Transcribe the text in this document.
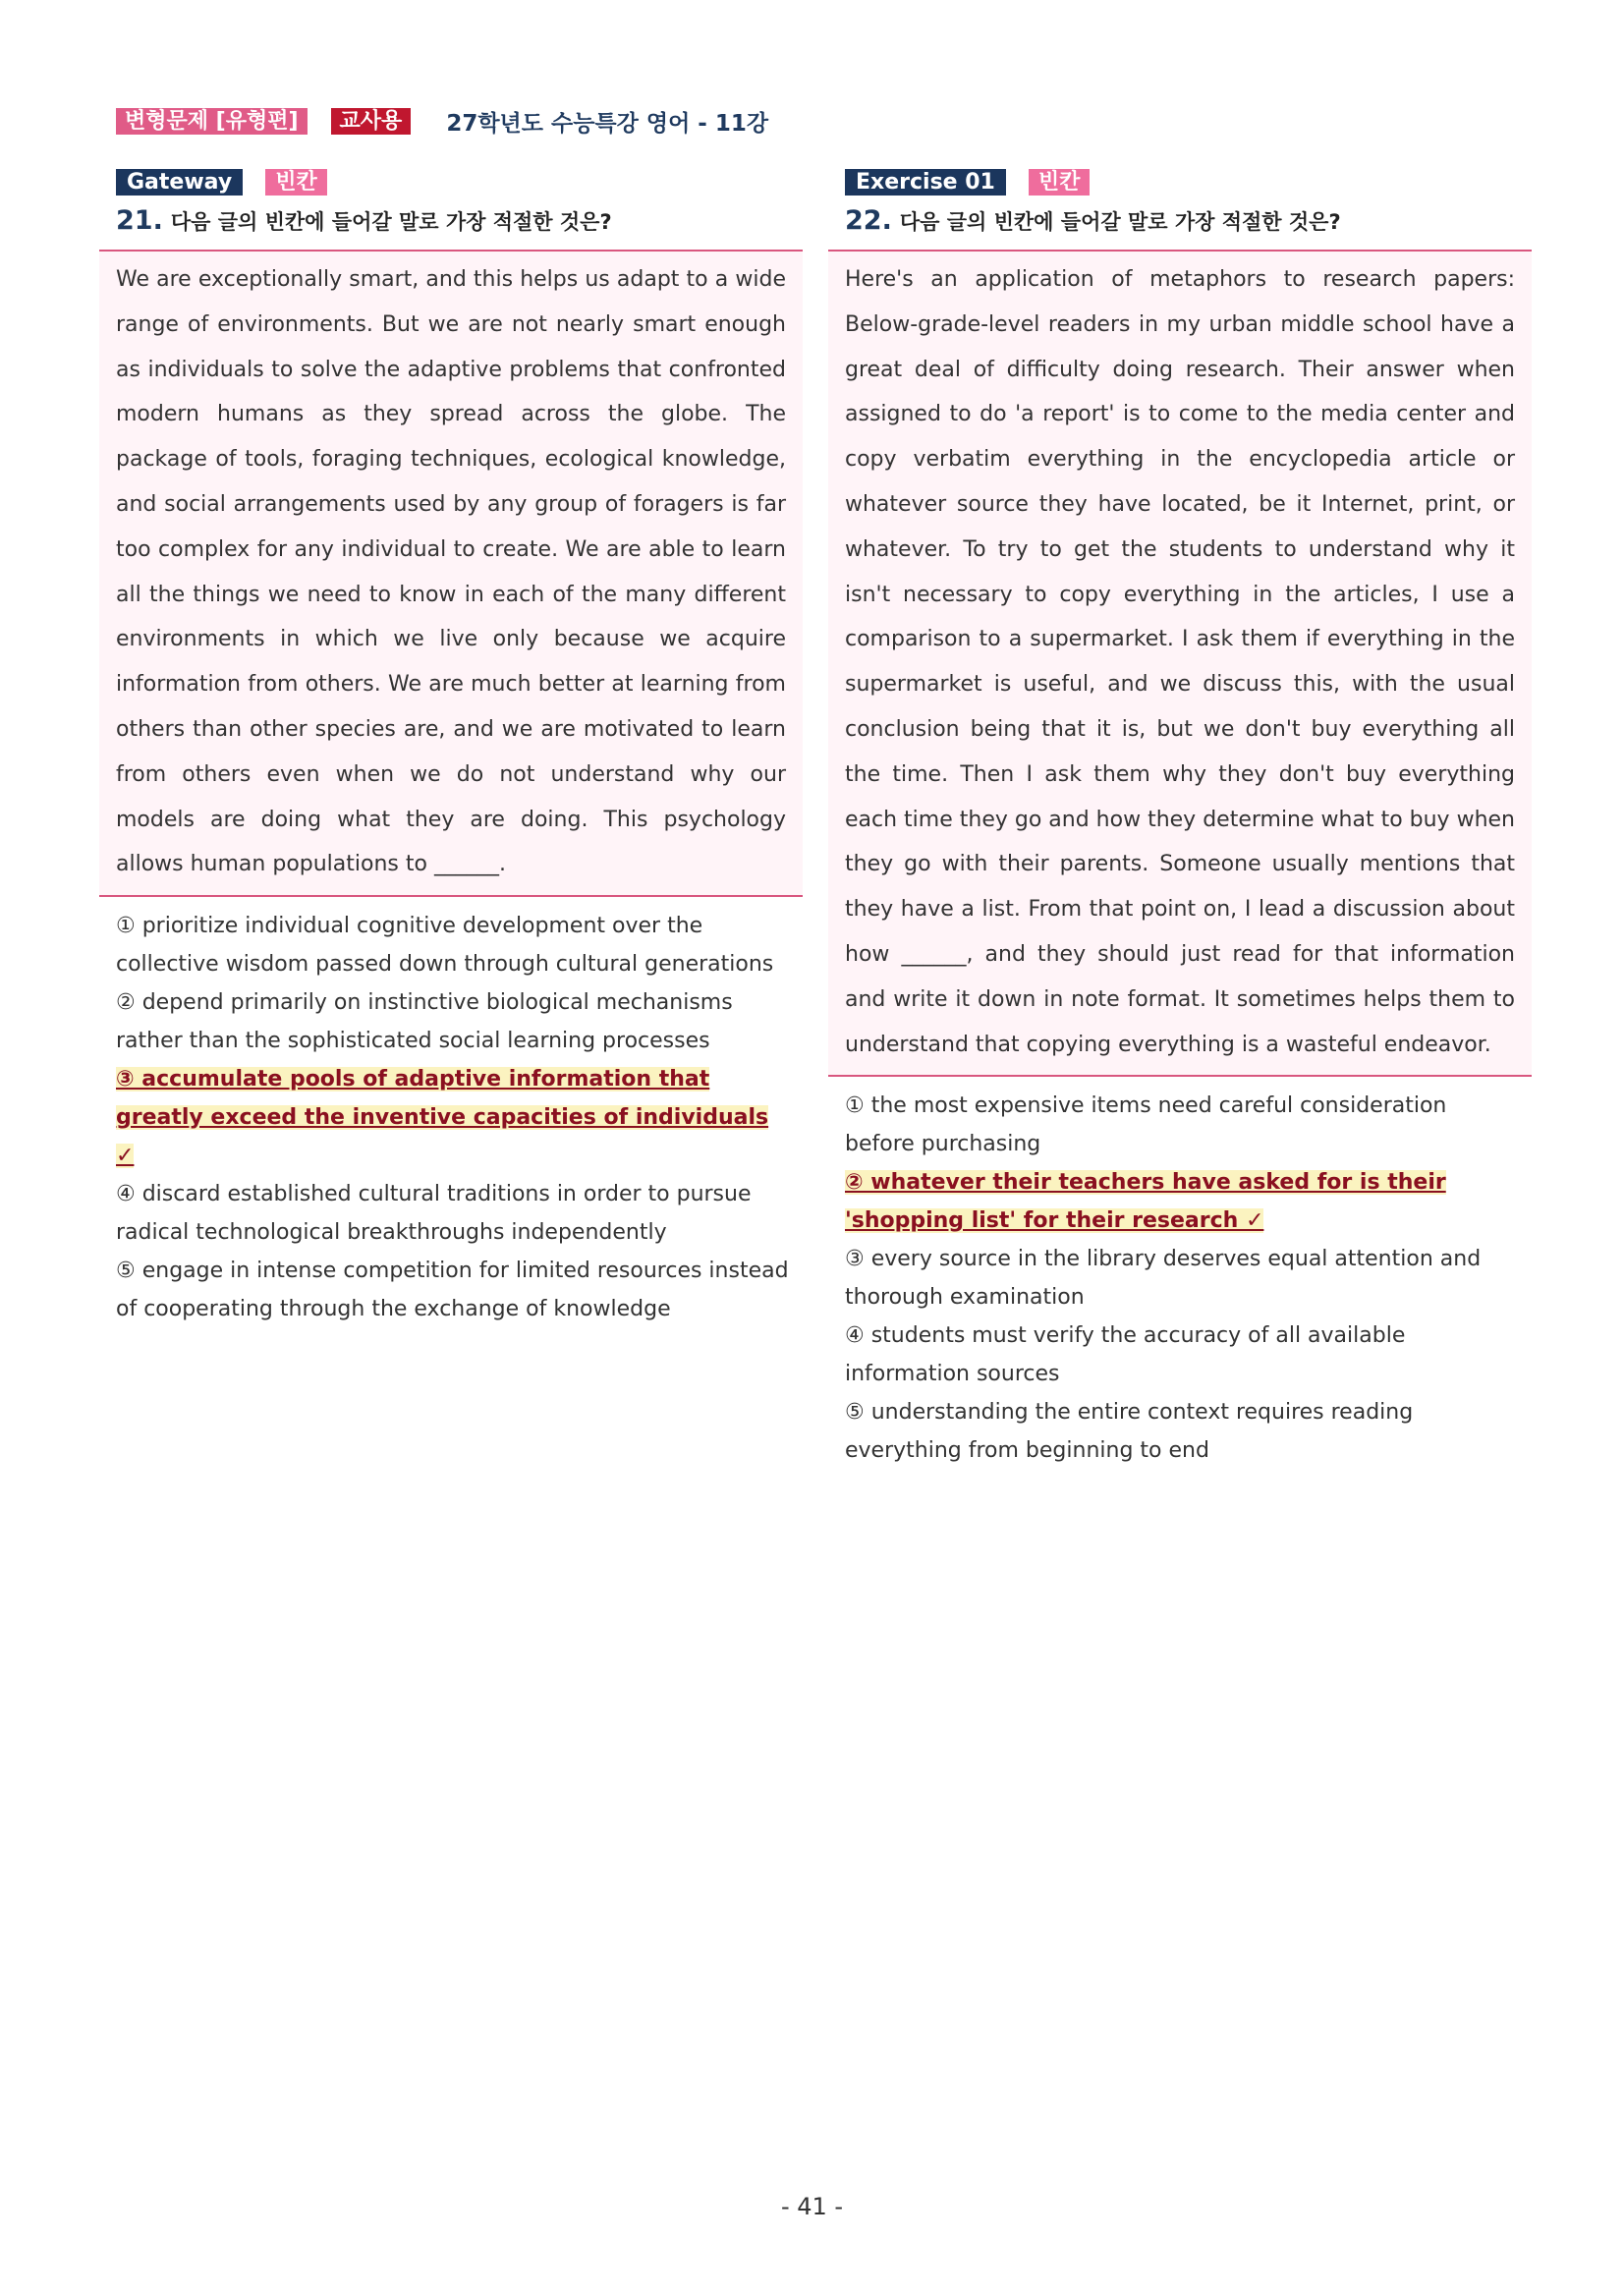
변형문제 [유형편]	교사용	27학년도 수능특강 영어 - 11강
Gateway	빈칸
21. 다음 글의 빈칸에 들어갈 말로 가장 적절한 것은?
We are exceptionally smart, and this helps us adapt to a wide range of environments. But we are not nearly smart enough as individuals to solve the adaptive problems that confronted modern humans as they spread across the globe. The package of tools, foraging techniques, ecological knowledge, and social arrangements used by any group of foragers is far too complex for any individual to create. We are able to learn all the things we need to know in each of the many different environments in which we live only because we acquire information from others. We are much better at learning from others than other species are, and we are motivated to learn from others even when we do not understand why our models are doing what they are doing. This psychology allows human populations to ______.
① prioritize individual cognitive development over the collective wisdom passed down through cultural generations
② depend primarily on instinctive biological mechanisms rather than the sophisticated social learning processes
③ accumulate pools of adaptive information that greatly exceed the inventive capacities of individuals ✓
④ discard established cultural traditions in order to pursue radical technological breakthroughs independently
⑤ engage in intense competition for limited resources instead of cooperating through the exchange of knowledge
Exercise 01	빈칸
22. 다음 글의 빈칸에 들어갈 말로 가장 적절한 것은?
Here's an application of metaphors to research papers: Below-grade-level readers in my urban middle school have a great deal of difficulty doing research. Their answer when assigned to do 'a report' is to come to the media center and copy verbatim everything in the encyclopedia article or whatever source they have located, be it Internet, print, or whatever. To try to get the students to understand why it isn't necessary to copy everything in the articles, I use a comparison to a supermarket. I ask them if everything in the supermarket is useful, and we discuss this, with the usual conclusion being that it is, but we don't buy everything all the time. Then I ask them why they don't buy everything each time they go and how they determine what to buy when they go with their parents. Someone usually mentions that they have a list. From that point on, I lead a discussion about how ______, and they should just read for that information and write it down in note format. It sometimes helps them to understand that copying everything is a wasteful endeavor.
① the most expensive items need careful consideration before purchasing
② whatever their teachers have asked for is their 'shopping list' for their research ✓
③ every source in the library deserves equal attention and thorough examination
④ students must verify the accuracy of all available information sources
⑤ understanding the entire context requires reading everything from beginning to end
- 41 -
